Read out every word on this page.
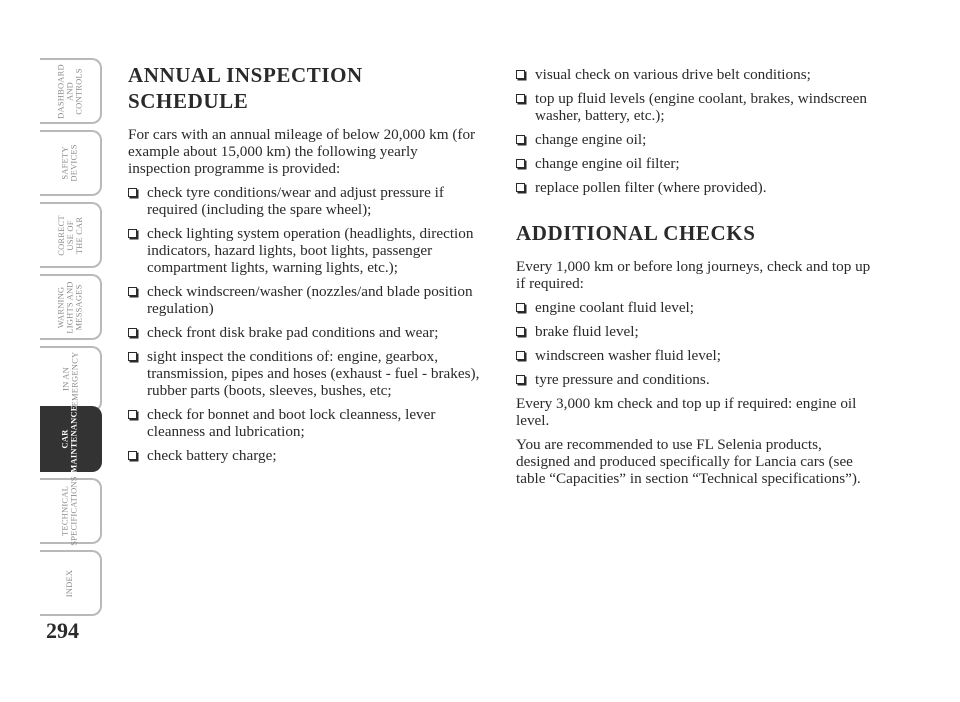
DASHBOARD
AND CONTROLS
SAFETY
DEVICES
CORRECT
USE OF
THE CAR
WARNING
LIGHTS AND
MESSAGES
IN AN
EMERGENCY
CAR
MAINTENANCE
TECHNICAL
SPECIFICATIONS
INDEX
294
ANNUAL INSPECTION SCHEDULE

For cars with an annual mileage of below 20,000 km (for example about 15,000 km) the following yearly inspection programme is provided:

check tyre conditions/wear and adjust pressure if required (including the spare wheel);
check lighting system operation (headlights, direction indicators, hazard lights, boot lights, passenger compartment lights, warning lights, etc.);
check windscreen/washer (nozzles/and blade position regulation)
check front disk brake pad conditions and wear;
sight inspect the conditions of: engine, gearbox, transmission, pipes and hoses (exhaust - fuel - brakes), rubber parts (boots, sleeves, bushes, etc;
check for bonnet and boot lock cleanness, lever cleanness and lubrication;
check battery charge;
visual check on various drive belt conditions;
top up fluid levels (engine coolant, brakes, windscreen washer, battery, etc.);
change engine oil;
change engine oil filter;
replace pollen filter (where provided).
ADDITIONAL CHECKS

Every 1,000 km or before long journeys, check and top up if required:

engine coolant fluid level;
brake fluid level;
windscreen washer fluid level;
tyre pressure and conditions.

Every 3,000 km check and top up if required: engine oil level.

You are recommended to use FL Selenia products, designed and produced specifically for Lancia cars (see table “Capacities” in section “Technical specifications”).
